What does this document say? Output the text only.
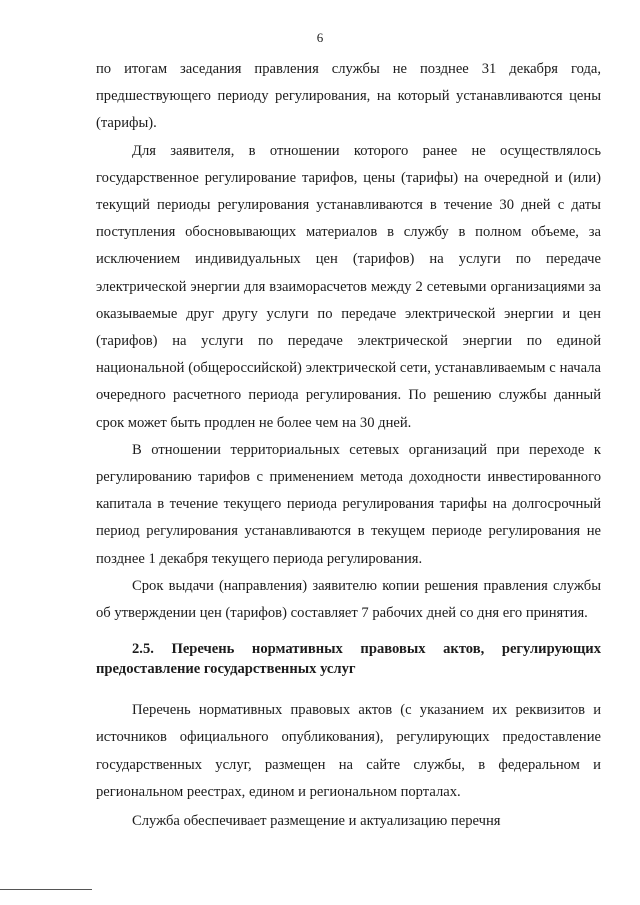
6

по итогам заседания правления службы не позднее 31 декабря года, предшествующего периоду регулирования, на который устанавливаются цены (тарифы).

Для заявителя, в отношении которого ранее не осуществлялось государственное регулирование тарифов, цены (тарифы) на очередной и (или) текущий периоды регулирования устанавливаются в течение 30 дней с даты поступления обосновывающих материалов в службу в полном объеме, за исключением индивидуальных цен (тарифов) на услуги по передаче электрической энергии для взаиморасчетов между 2 сетевыми организациями за оказываемые друг другу услуги по передаче электрической энергии и цен (тарифов) на услуги по передаче электрической энергии по единой национальной (общероссийской) электрической сети, устанавливаемым с начала очередного расчетного периода регулирования. По решению службы данный срок может быть продлен не более чем на 30 дней.

В отношении территориальных сетевых организаций при переходе к регулированию тарифов с применением метода доходности инвестированного капитала в течение текущего периода регулирования тарифы на долгосрочный период регулирования устанавливаются в текущем периоде регулирования не позднее 1 декабря текущего периода регулирования.

Срок выдачи (направления) заявителю копии решения правления службы об утверждении цен (тарифов) составляет 7 рабочих дней со дня его принятия.

2.5. Перечень нормативных правовых актов, регулирующих предоставление государственных услуг

Перечень нормативных правовых актов (с указанием их реквизитов и источников официального опубликования), регулирующих предоставление государственных услуг, размещен на сайте службы, в федеральном и региональном реестрах, едином и региональном порталах.

Служба обеспечивает размещение и актуализацию перечня
